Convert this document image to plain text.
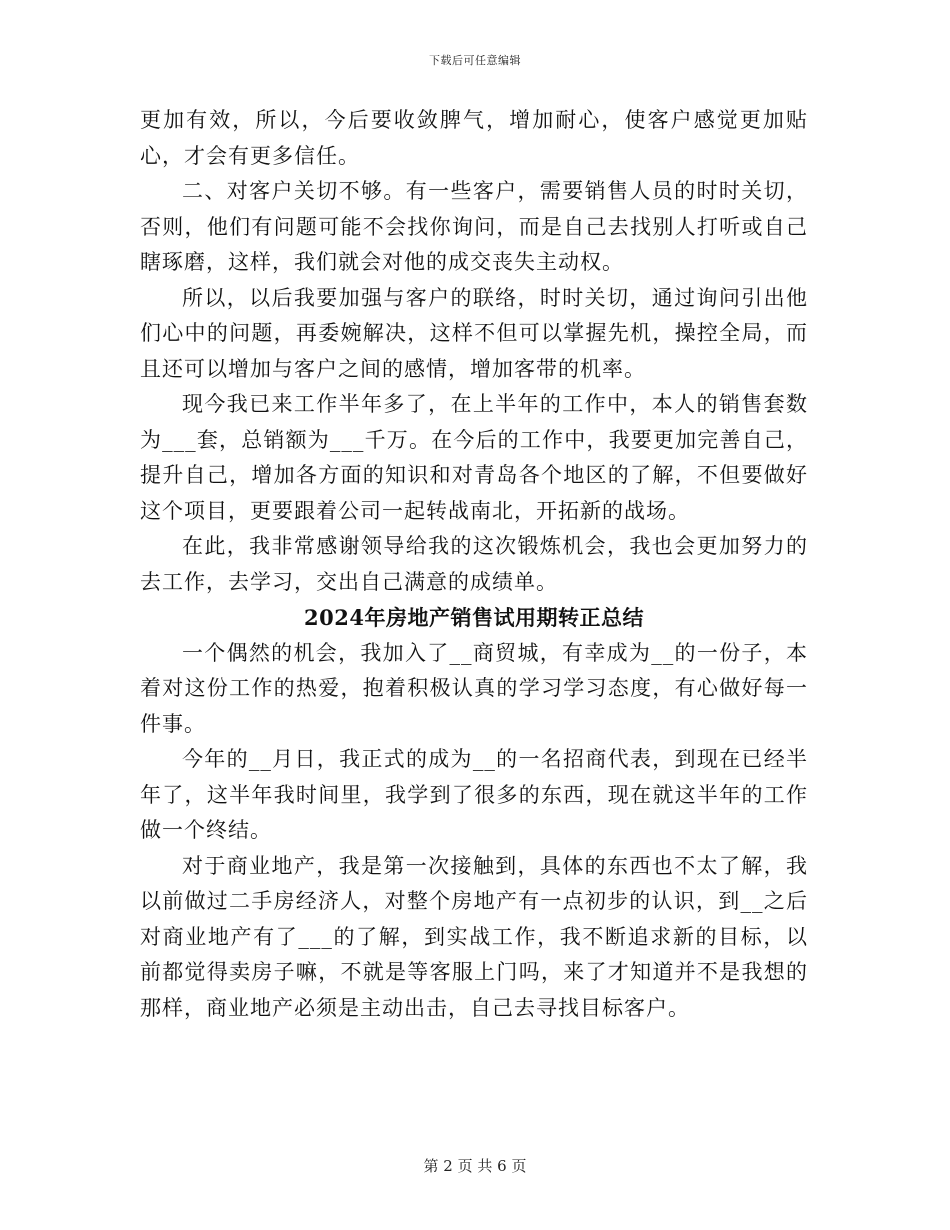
下载后可任意编辑

更加有效，所以，今后要收敛脾气，增加耐心，使客户感觉更加贴心，才会有更多信任。

二、对客户关切不够。有一些客户，需要销售人员的时时关切，否则，他们有问题可能不会找你询问，而是自己去找别人打听或自己瞎琢磨，这样，我们就会对他的成交丧失主动权。

所以，以后我要加强与客户的联络，时时关切，通过询问引出他们心中的问题，再委婉解决，这样不但可以掌握先机，操控全局，而且还可以增加与客户之间的感情，增加客带的机率。

现今我已来工作半年多了，在上半年的工作中，本人的销售套数为___套，总销额为___千万。在今后的工作中，我要更加完善自己，提升自己，增加各方面的知识和对青岛各个地区的了解，不但要做好这个项目，更要跟着公司一起转战南北，开拓新的战场。

在此，我非常感谢领导给我的这次锻炼机会，我也会更加努力的去工作，去学习，交出自己满意的成绩单。

2024年房地产销售试用期转正总结

一个偶然的机会，我加入了__商贸城，有幸成为__的一份子，本着对这份工作的热爱，抱着积极认真的学习学习态度，有心做好每一件事。

今年的__月日，我正式的成为__的一名招商代表，到现在已经半年了，这半年我时间里，我学到了很多的东西，现在就这半年的工作做一个终结。

对于商业地产，我是第一次接触到，具体的东西也不太了解，我以前做过二手房经济人，对整个房地产有一点初步的认识，到__之后对商业地产有了___的了解，到实战工作，我不断追求新的目标，以前都觉得卖房子嘛，不就是等客服上门吗，来了才知道并不是我想的那样，商业地产必须是主动出击，自己去寻找目标客户。

第 2 页 共 6 页
